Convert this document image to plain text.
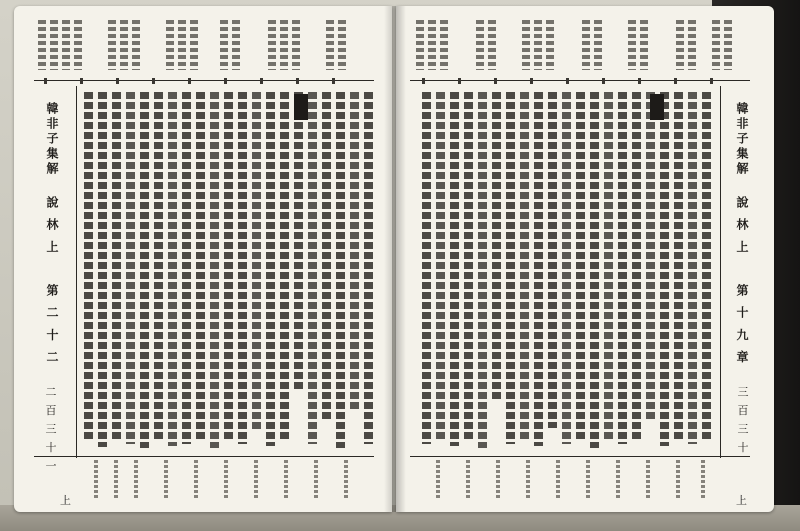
韓非子集解
說 林 上
第 二 十 二
二 百 三 十 一
上
韓非子集解
說 林 上
第 十 九 章
三 百 三 十
上
